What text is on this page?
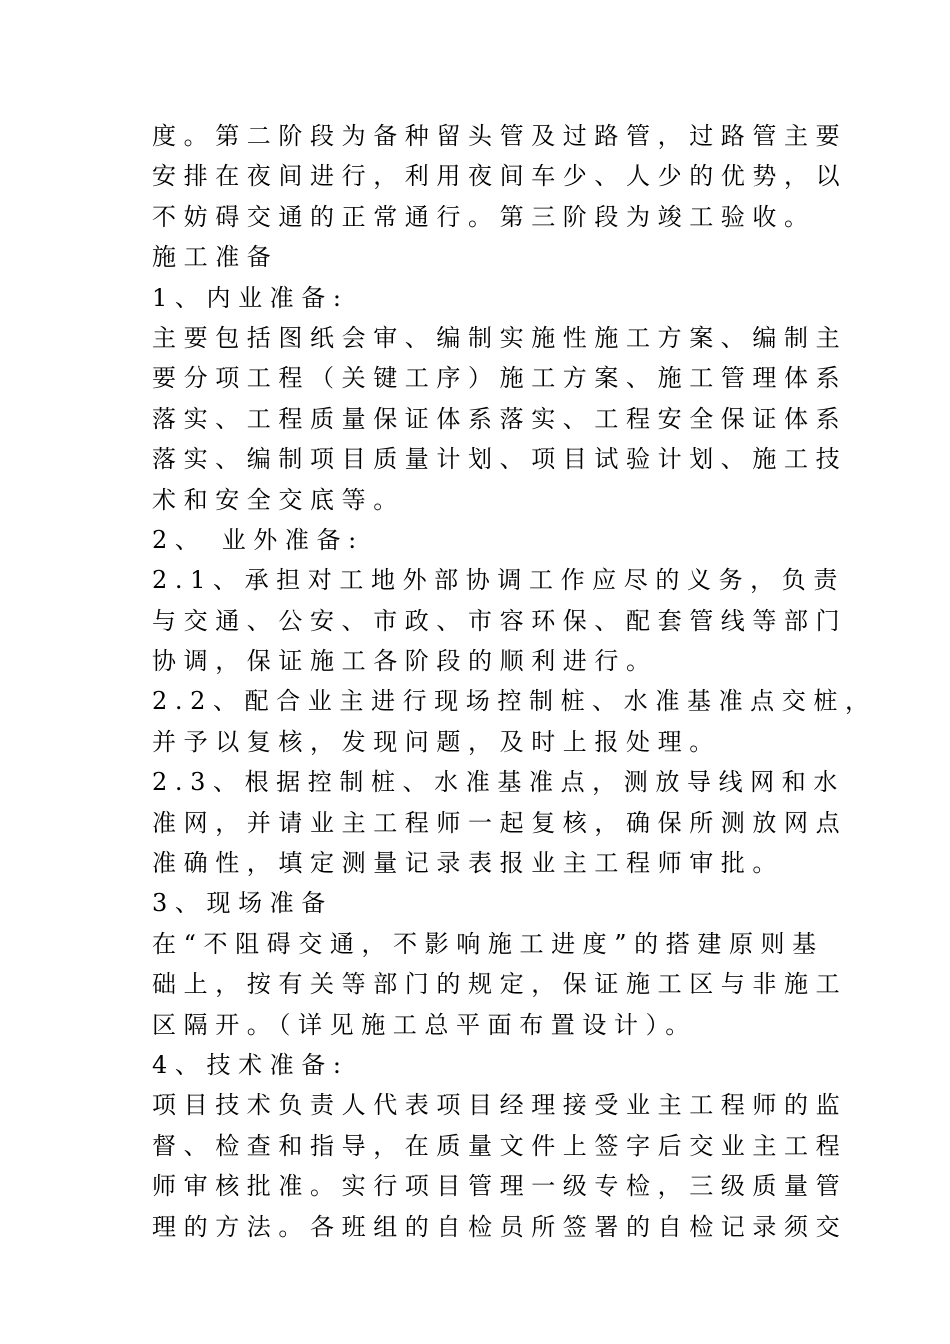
度。第二阶段为备种留头管及过路管，过路管主要
安排在夜间进行，利用夜间车少、人少的优势，以
不妨碍交通的正常通行。第三阶段为竣工验收。
施工准备
1、内业准备:
主要包括图纸会审、编制实施性施工方案、编制主
要分项工程（关键工序）施工方案、施工管理体系
落实、工程质量保证体系落实、工程安全保证体系
落实、编制项目质量计划、项目试验计划、施工技
术和安全交底等。
2、 业外准备:
2.1、承担对工地外部协调工作应尽的义务，负责
与交通、公安、市政、市容环保、配套管线等部门
协调，保证施工各阶段的顺利进行。
2.2、配合业主进行现场控制桩、水准基准点交桩，
并予以复核，发现问题，及时上报处理。
2.3、根据控制桩、水准基准点，测放导线网和水
准网，并请业主工程师一起复核，确保所测放网点
准确性，填定测量记录表报业主工程师审批。
3、现场准备
在“不阻碍交通，不影响施工进度”的搭建原则基
础上，按有关等部门的规定，保证施工区与非施工
区隔开。（详见施工总平面布置设计）。
4、技术准备:
项目技术负责人代表项目经理接受业主工程师的监
督、检查和指导，在质量文件上签字后交业主工程
师审核批准。实行项目管理一级专检，三级质量管
理的方法。各班组的自检员所签署的自检记录须交
